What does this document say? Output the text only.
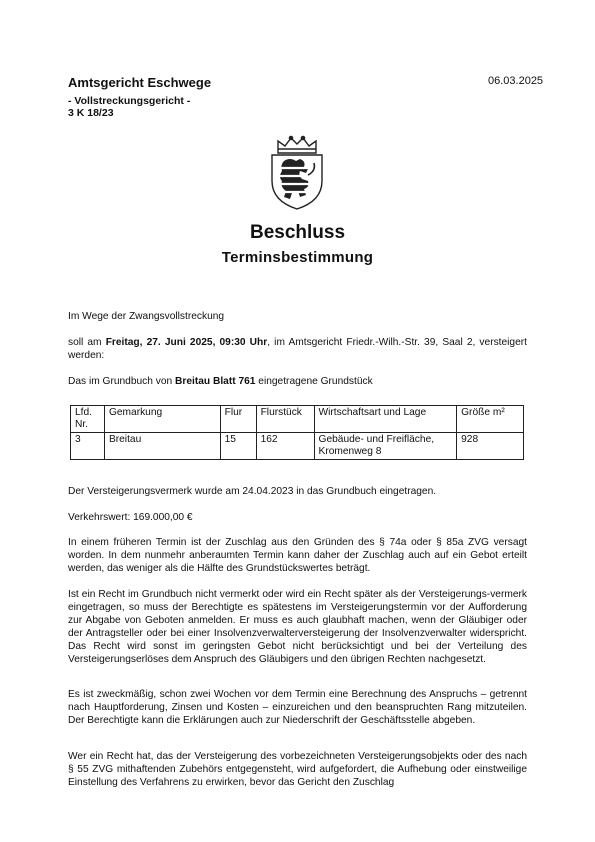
Amtsgericht Eschwege
- Vollstreckungsgericht -
3 K 18/23
06.03.2025
Beschluss
Terminsbestimmung
Im Wege der Zwangsvollstreckung
soll am Freitag, 27. Juni 2025, 09:30 Uhr, im Amtsgericht Friedr.-Wilh.-Str. 39, Saal 2, versteigert werden:
Das im Grundbuch von Breitau Blatt 761 eingetragene Grundstück
Lfd. Nr.	Gemarkung	Flur	Flurstück	Wirtschaftsart und Lage	Größe m²
3	Breitau	15	162	Gebäude- und Freifläche, Kromenweg 8	928
Der Versteigerungsvermerk wurde am 24.04.2023 in das Grundbuch eingetragen.
Verkehrswert: 169.000,00 €
In einem früheren Termin ist der Zuschlag aus den Gründen des § 74a oder § 85a ZVG versagt worden. In dem nunmehr anberaumten Termin kann daher der Zuschlag auch auf ein Gebot erteilt werden, das weniger als die Hälfte des Grundstückswertes beträgt.
Ist ein Recht im Grundbuch nicht vermerkt oder wird ein Recht später als der Versteigerungs-vermerk eingetragen, so muss der Berechtigte es spätestens im Versteigerungstermin vor der Aufforderung zur Abgabe von Geboten anmelden. Er muss es auch glaubhaft machen, wenn der Gläubiger oder der Antragsteller oder bei einer Insolvenzverwalterversteigerung der Insolvenzverwalter widerspricht. Das Recht wird sonst im geringsten Gebot nicht berücksichtigt und bei der Verteilung des Versteigerungserlöses dem Anspruch des Gläubigers und den übrigen Rechten nachgesetzt.
Es ist zweckmäßig, schon zwei Wochen vor dem Termin eine Berechnung des Anspruchs – getrennt nach Hauptforderung, Zinsen und Kosten – einzureichen und den beanspruchten Rang mitzuteilen. Der Berechtigte kann die Erklärungen auch zur Niederschrift der Geschäftsstelle abgeben.
Wer ein Recht hat, das der Versteigerung des vorbezeichneten Versteigerungsobjekts oder des nach § 55 ZVG mithaftenden Zubehörs entgegensteht, wird aufgefordert, die Aufhebung oder einstweilige Einstellung des Verfahrens zu erwirken, bevor das Gericht den Zuschlag
